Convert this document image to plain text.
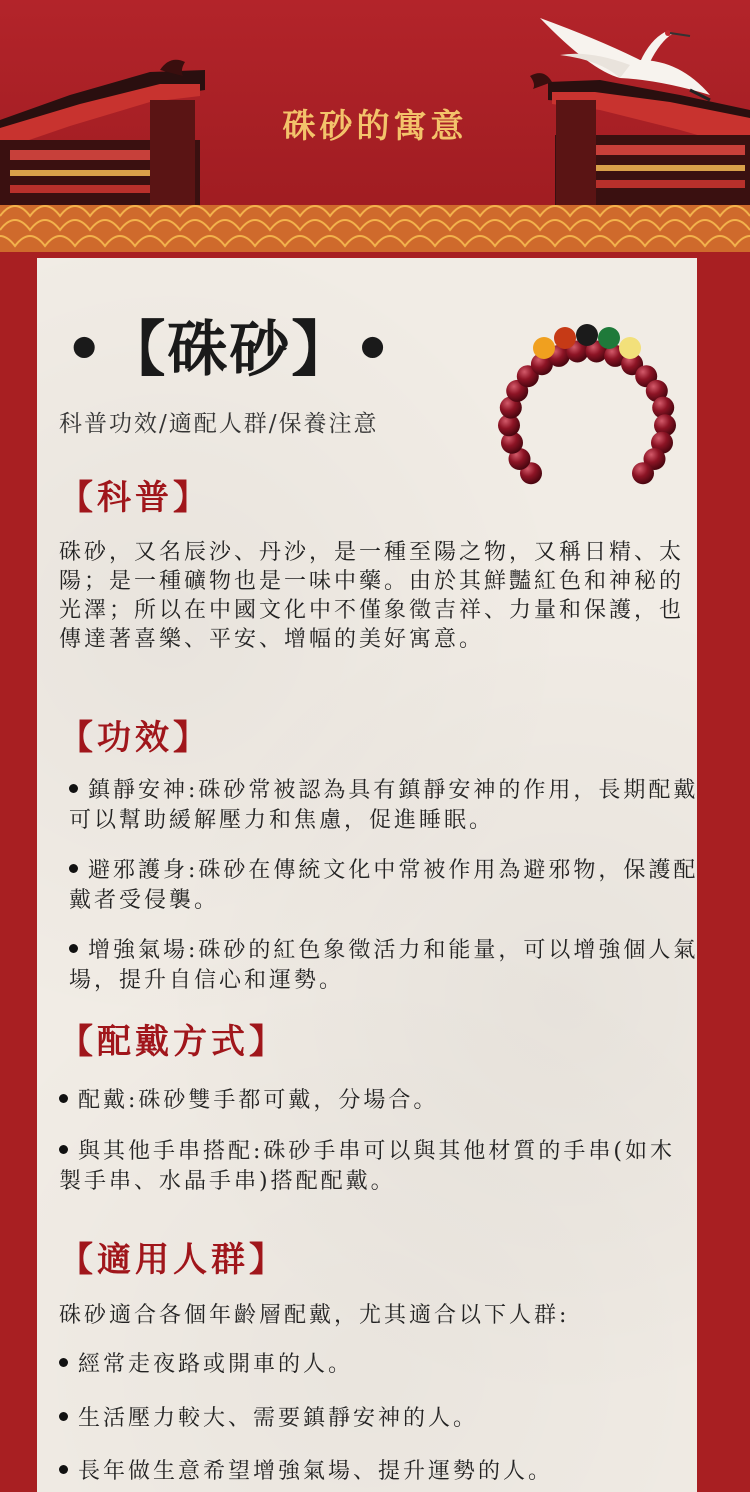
硃砂的寓意
•【硃砂】•
科普功效/適配人群/保養注意
【科普】

硃砂，又名辰沙、丹沙，是一種至陽之物，又稱日精、太陽；是一種礦物也是一味中藥。由於其鮮豔紅色和神秘的光澤；所以在中國文化中不僅象徵吉祥、力量和保護，也傳達著喜樂、平安、增幅的美好寓意。

【功效】
鎮靜安神:硃砂常被認為具有鎮靜安神的作用，長期配戴可以幫助緩解壓力和焦慮，促進睡眠。
避邪護身:硃砂在傳統文化中常被作用為避邪物，保護配戴者受侵襲。
增強氣場:硃砂的紅色象徵活力和能量，可以增強個人氣場，提升自信心和運勢。
【配戴方式】
配戴:硃砂雙手都可戴，分場合。
與其他手串搭配:硃砂手串可以與其他材質的手串(如木製手串、水晶手串)搭配配戴。
【適用人群】
硃砂適合各個年齡層配戴，尤其適合以下人群:
經常走夜路或開車的人。
生活壓力較大、需要鎮靜安神的人。
長年做生意希望增強氣場、提升運勢的人。
